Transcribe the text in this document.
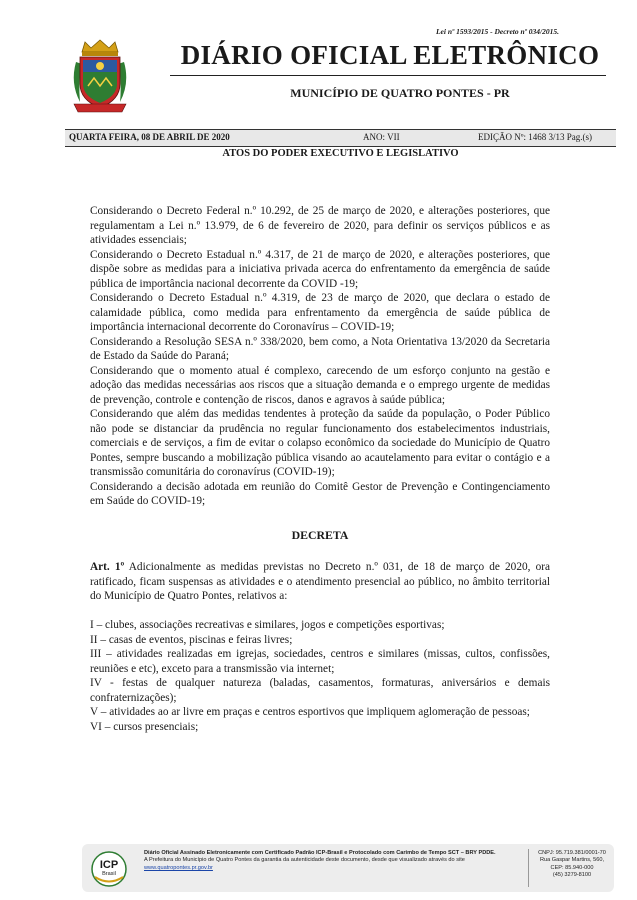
Lei nº 1593/2015 - Decreto nº 034/2015.
DIÁRIO OFICIAL ELETRÔNICO
MUNICÍPIO DE QUATRO PONTES - PR
QUARTA FEIRA, 08 DE ABRIL DE 2020	ANO: VII	EDIÇÃO Nº: 1468 3/13 Pag.(s)
ATOS DO PODER EXECUTIVO E LEGISLATIVO

Considerando o Decreto Federal n.º 10.292, de 25 de março de 2020, e alterações posteriores, que regulamentam a Lei n.º 13.979, de 6 de fevereiro de 2020, para definir os serviços públicos e as atividades essenciais;

Considerando o Decreto Estadual n.º 4.317, de 21 de março de 2020, e alterações posteriores, que dispõe sobre as medidas para a iniciativa privada acerca do enfrentamento da emergência de saúde pública de importância nacional decorrente da COVID -19;

Considerando o Decreto Estadual n.º 4.319, de 23 de março de 2020, que declara o estado de calamidade pública, como medida para enfrentamento da emergência de saúde pública de importância internacional decorrente do Coronavírus – COVID-19;

Considerando a Resolução SESA n.º 338/2020, bem como, a Nota Orientativa 13/2020 da Secretaria de Estado da Saúde do Paraná;

Considerando que o momento atual é complexo, carecendo de um esforço conjunto na gestão e adoção das medidas necessárias aos riscos que a situação demanda e o emprego urgente de medidas de prevenção, controle e contenção de riscos, danos e agravos à saúde pública;

Considerando que além das medidas tendentes à proteção da saúde da população, o Poder Público não pode se distanciar da prudência no regular funcionamento dos estabelecimentos industriais, comerciais e de serviços, a fim de evitar o colapso econômico da sociedade do Município de Quatro Pontes, sempre buscando a mobilização pública visando ao acautelamento para evitar o contágio e a transmissão comunitária do coronavírus (COVID-19);

Considerando a decisão adotada em reunião do Comitê Gestor de Prevenção e Contingenciamento em Saúde do COVID-19;

DECRETA

Art. 1º Adicionalmente as medidas previstas no Decreto n.º 031, de 18 de março de 2020, ora ratificado, ficam suspensas as atividades e o atendimento presencial ao público, no âmbito territorial do Município de Quatro Pontes, relativos a:

I – clubes, associações recreativas e similares, jogos e competições esportivas;

II – casas de eventos, piscinas e feiras livres;

III – atividades realizadas em igrejas, sociedades, centros e similares (missas, cultos, confissões, reuniões e etc), exceto para a transmissão via internet;

IV - festas de qualquer natureza (baladas, casamentos, formaturas, aniversários e demais confraternizações);

V – atividades ao ar livre em praças e centros esportivos que impliquem aglomeração de pessoas;

VI – cursos presenciais;

ICP
Brasil
Diário Oficial Assinado Eletronicamente com Certificado Padrão ICP-Brasil e Protocolado com Carimbo de Tempo SCT – BRY PDDE.
A Prefeitura do Município de Quatro Pontes da garantia da autenticidade deste documento, desde que visualizado através do site www.quatropontes.pr.gov.br
CNPJ: 95.719.381/0001-70
Rua Gaspar Martins, 560,
CEP: 85.940-000
(45) 3279-8100
